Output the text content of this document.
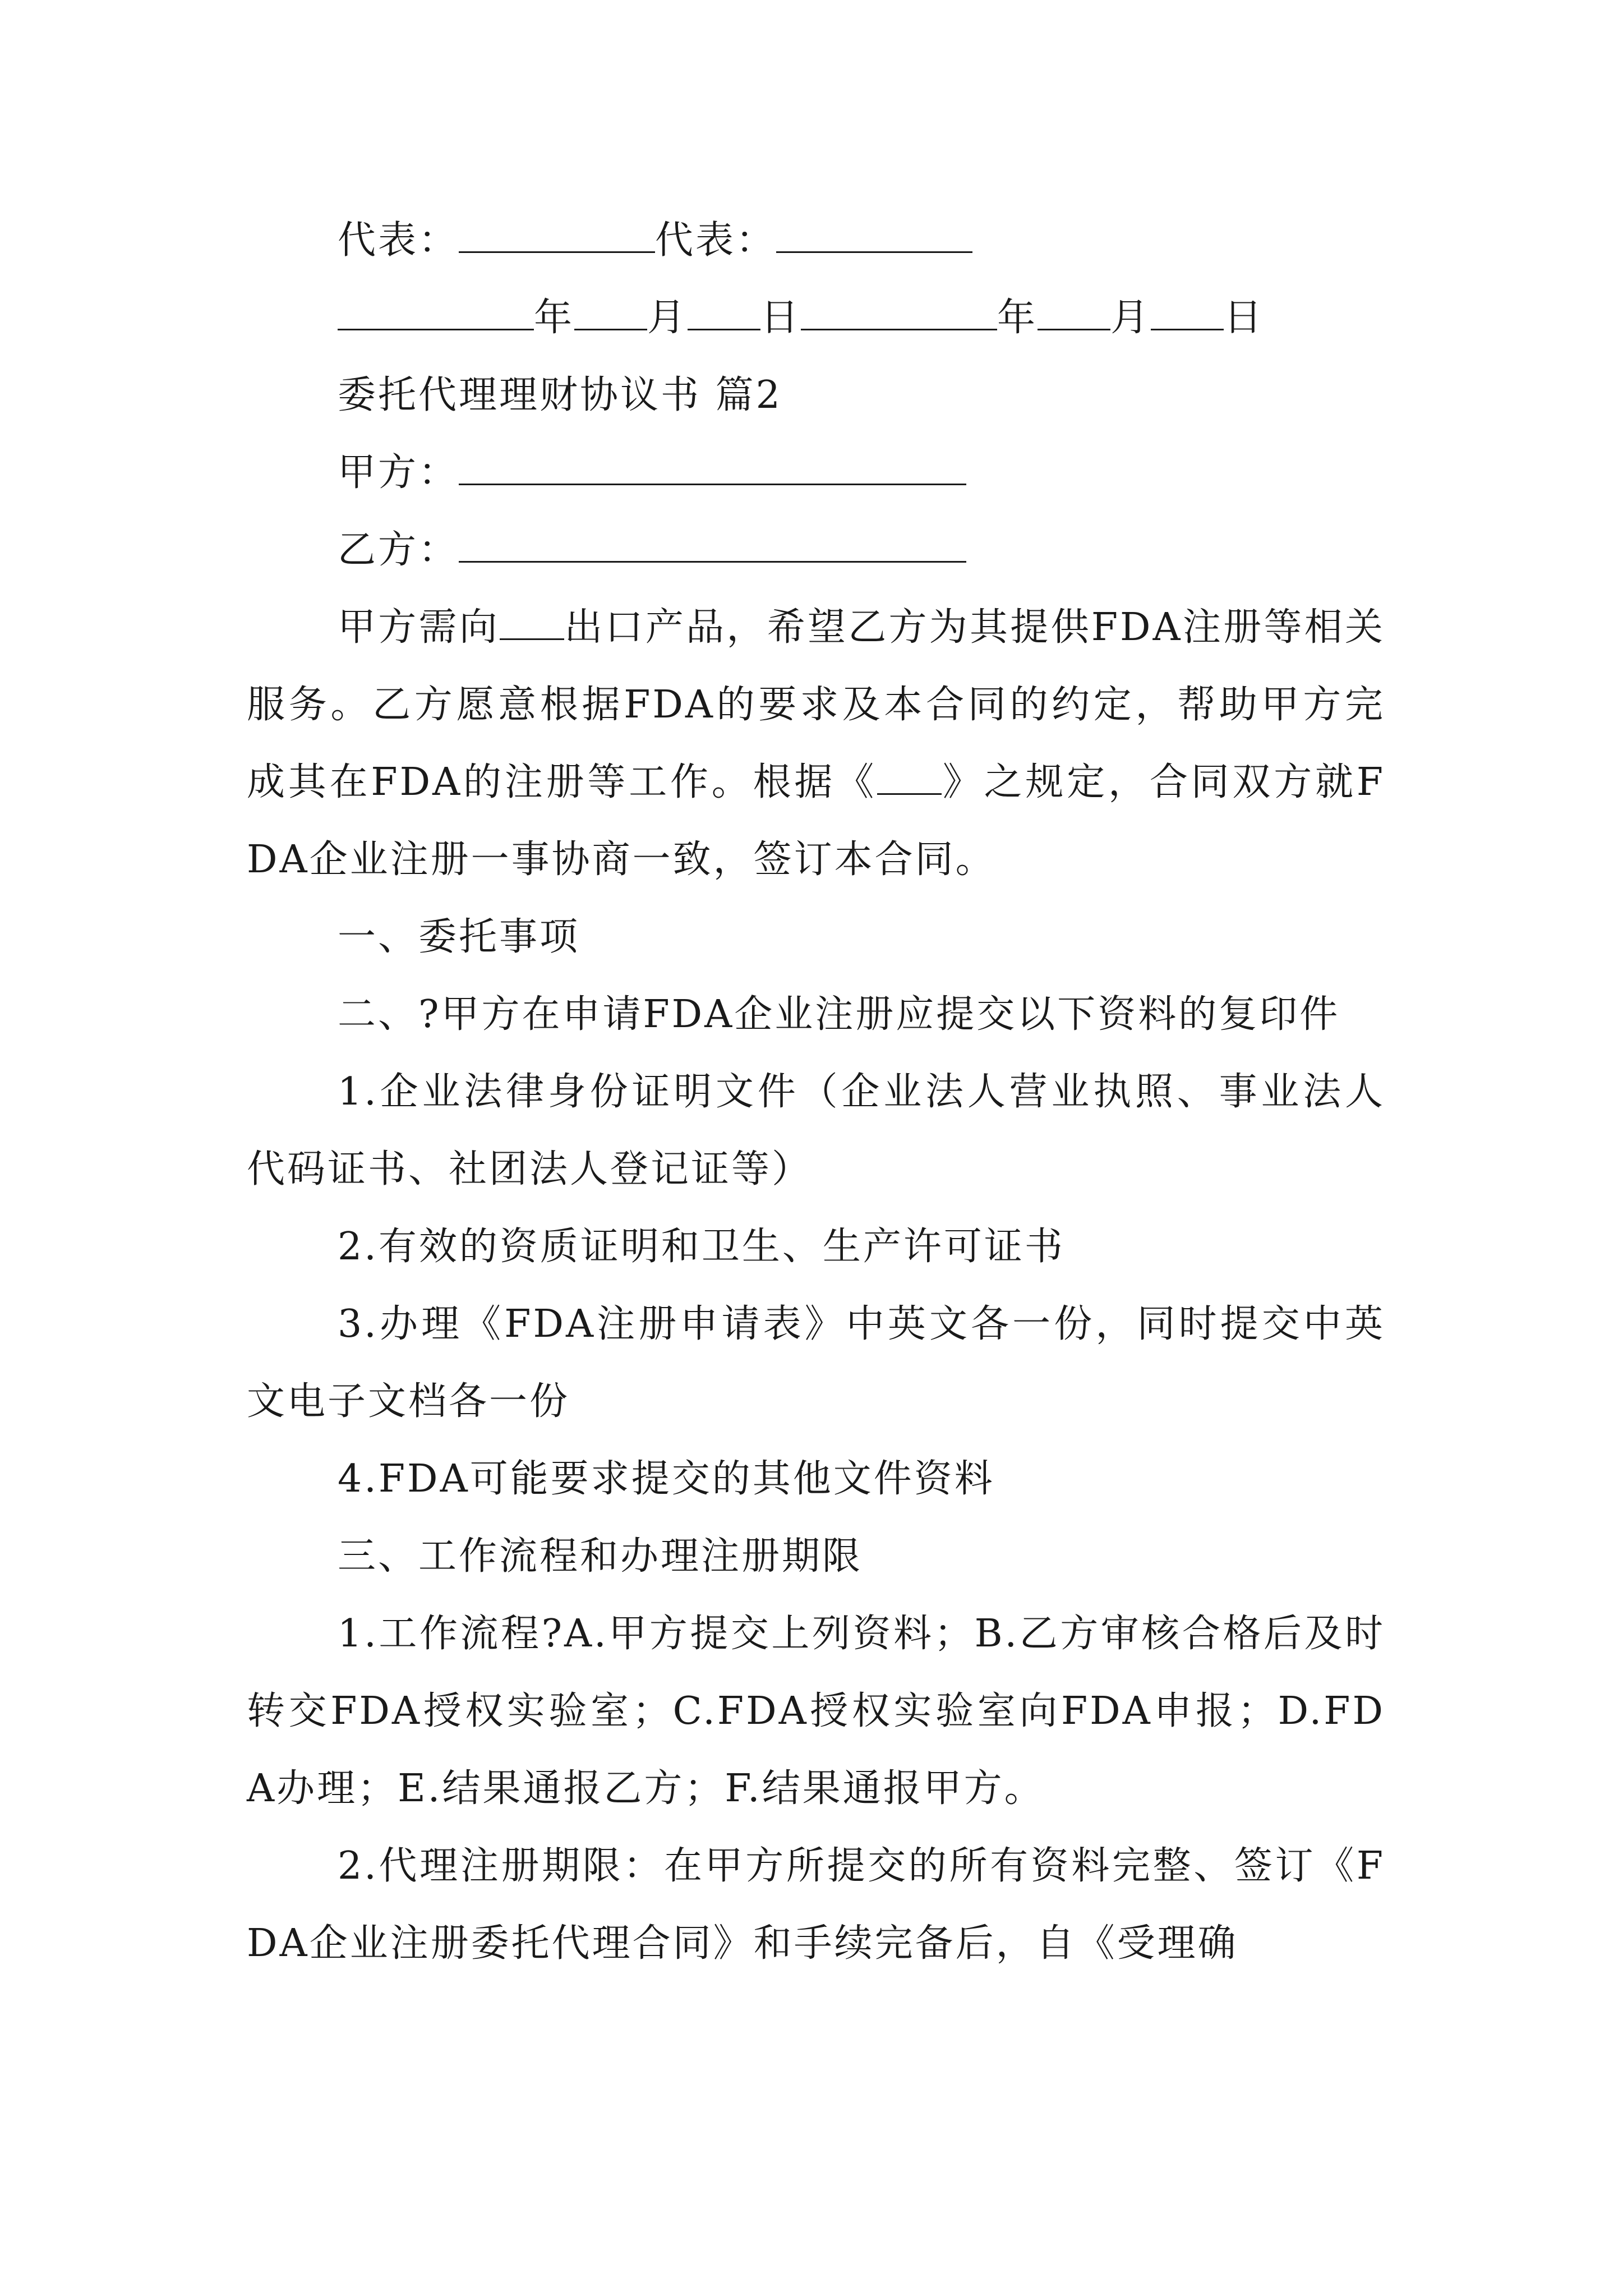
代表：	代表：

年 月 日	年 月 日

委托代理理财协议书 篇2

甲方：

乙方：

甲方需向 出口产品，希望乙方为其提供FDA注册等相关服务。乙方愿意根据FDA的要求及本合同的约定，帮助甲方完成其在FDA的注册等工作。根据《 》之规定，合同双方就FDA企业注册一事协商一致，签订本合同。

一、委托事项

二、?甲方在申请FDA企业注册应提交以下资料的复印件

1.企业法律身份证明文件（企业法人营业执照、事业法人代码证书、社团法人登记证等）

2.有效的资质证明和卫生、生产许可证书

3.办理《FDA注册申请表》中英文各一份，同时提交中英文电子文档各一份

4.FDA可能要求提交的其他文件资料

三、工作流程和办理注册期限

1.工作流程?A.甲方提交上列资料；B.乙方审核合格后及时转交FDA授权实验室；C.FDA授权实验室向FDA申报；D.FDA办理；E.结果通报乙方；F.结果通报甲方。

2.代理注册期限：在甲方所提交的所有资料完整、签订《FDA企业注册委托代理合同》和手续完备后，自《受理确
